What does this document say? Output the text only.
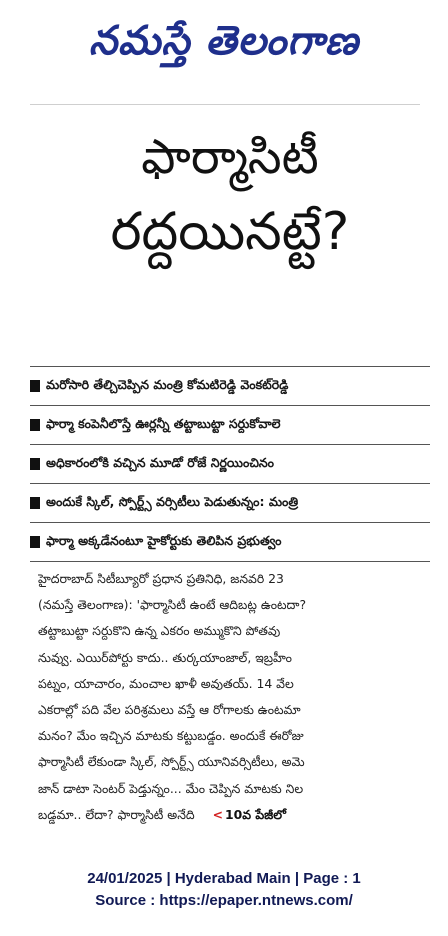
నమస్తే తెలంగాణ
ఫార్మాసిటీ
రద్దయినట్టే?
మరోసారి తేల్చిచెప్పిన మంత్రి కోమటిరెడ్డి వెంకట్‌రెడ్డి
ఫార్మా కంపెనీలొస్తే ఊర్లన్నీ తట్టాబుట్టా సర్దుకోవాలె
అధికారంలోకి వచ్చిన మూడో రోజే నిర్ణయించినం
అందుకే స్కిల్, స్పోర్ట్స్ వర్సిటీలు పెడుతున్నం: మంత్రి
ఫార్మా అక్కడేనంటూ హైకోర్టుకు తెలిపిన ప్రభుత్వం
హైదరాబాద్ సిటీబ్యూరో ప్రధాన ప్రతినిధి, జనవరి 23
(నమస్తే తెలంగాణ): 'ఫార్మాసిటీ ఉంటే ఆదిబట్ల ఉంటదా?
తట్టాబుట్టా సర్దుకొని ఉన్న ఎకరం అమ్ముకొని పోతవు
నువ్వు. ఎయిర్‌పోర్టు కాదు.. తుర్కయాంజాల్, ఇబ్రహీం
పట్నం, యాచారం, మంచాల ఖాళీ అవుతయ్. 14 వేల
ఎకరాల్లో పది వేల పరిశ్రమలు వస్తే ఆ రోగాలకు ఉంటమా
మనం? మేం ఇచ్చిన మాటకు కట్టుబడ్డం. అందుకే ఈరోజు
ఫార్మాసిటీ లేకుండా స్కిల్, స్పోర్ట్స్ యూనివర్సిటీలు, అమె
జాన్ డాటా సెంటర్ పెడ్తున్నం... మేం చెప్పిన మాటకు నిల
బడ్డమా.. లేదా? ఫార్మాసిటీ అనేది < 10వ పేజీలో
24/01/2025 | Hyderabad Main | Page : 1
Source : https://epaper.ntnews.com/
